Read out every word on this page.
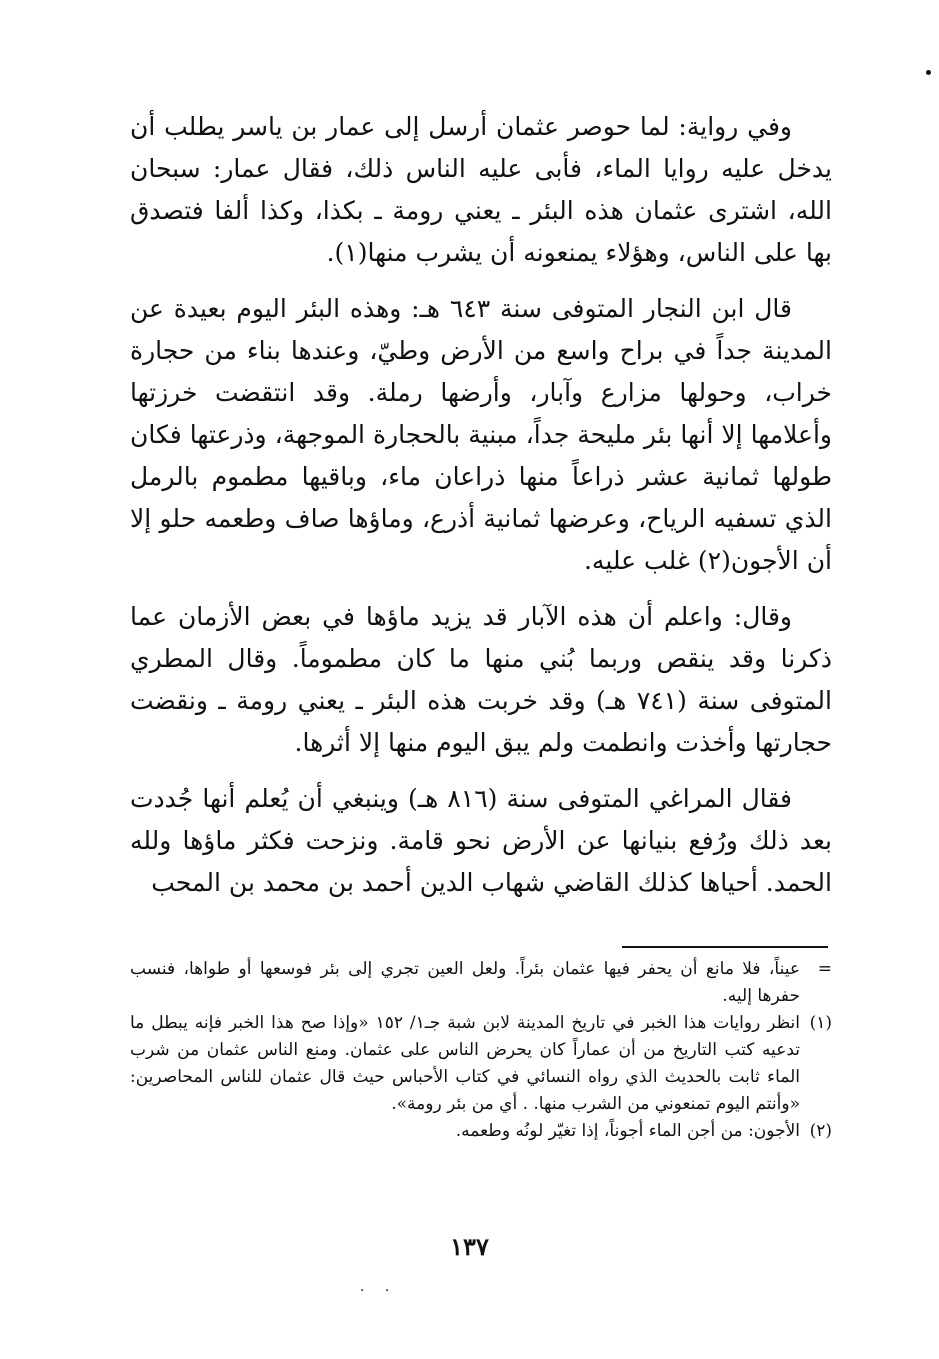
وفي رواية: لما حوصر عثمان أرسل إلى عمار بن ياسر يطلب أن يدخل عليه روايا الماء، فأبى عليه الناس ذلك، فقال عمار: سبحان الله، اشترى عثمان هذه البئر ـ يعني رومة ـ بكذا، وكذا ألفا فتصدق بها على الناس، وهؤلاء يمنعونه أن يشرب منها(١).

قال ابن النجار المتوفى سنة ٦٤٣ هـ: وهذه البئر اليوم بعيدة عن المدينة جداً في براح واسع من الأرض وطيّ، وعندها بناء من حجارة خراب، وحولها مزارع وآبار، وأرضها رملة. وقد انتقضت خرزتها وأعلامها إلا أنها بئر مليحة جداً، مبنية بالحجارة الموجهة، وذرعتها فكان طولها ثمانية عشر ذراعاً منها ذراعان ماء، وباقيها مطموم بالرمل الذي تسفيه الرياح، وعرضها ثمانية أذرع، وماؤها صاف وطعمه حلو إلا أن الأجون(٢) غلب عليه.

وقال: واعلم أن هذه الآبار قد يزيد ماؤها في بعض الأزمان عما ذكرنا وقد ينقص وربما بُني منها ما كان مطموماً. وقال المطري المتوفى سنة (٧٤١ هـ) وقد خربت هذه البئر ـ يعني رومة ـ ونقضت حجارتها وأخذت وانطمت ولم يبق اليوم منها إلا أثرها.

فقال المراغي المتوفى سنة (٨١٦ هـ) وينبغي أن يُعلم أنها جُددت بعد ذلك ورُفع بنيانها عن الأرض نحو قامة. ونزحت فكثر ماؤها ولله الحمد. أحياها كذلك القاضي شهاب الدين أحمد بن محمد بن المحب

=
عيناً، فلا مانع أن يحفر فيها عثمان بئراً. ولعل العين تجري إلى بئر فوسعها أو طواها، فنسب حفرها إليه.
(١)
انظر روايات هذا الخبر في تاريخ المدينة لابن شبة جـ١/ ١٥٢ «وإذا صح هذا الخبر فإنه يبطل ما تدعيه كتب التاريخ من أن عماراً كان يحرض الناس على عثمان. ومنع الناس عثمان من شرب الماء ثابت بالحديث الذي رواه النسائي في كتاب الأحباس حيث قال عثمان للناس المحاصرين: «وأنتم اليوم تمنعوني من الشرب منها. . أي من بئر رومة».
(٢)
الأجون: من أجن الماء أجوناً، إذا تغيّر لونُه وطعمه.
١٣٧
· ·
